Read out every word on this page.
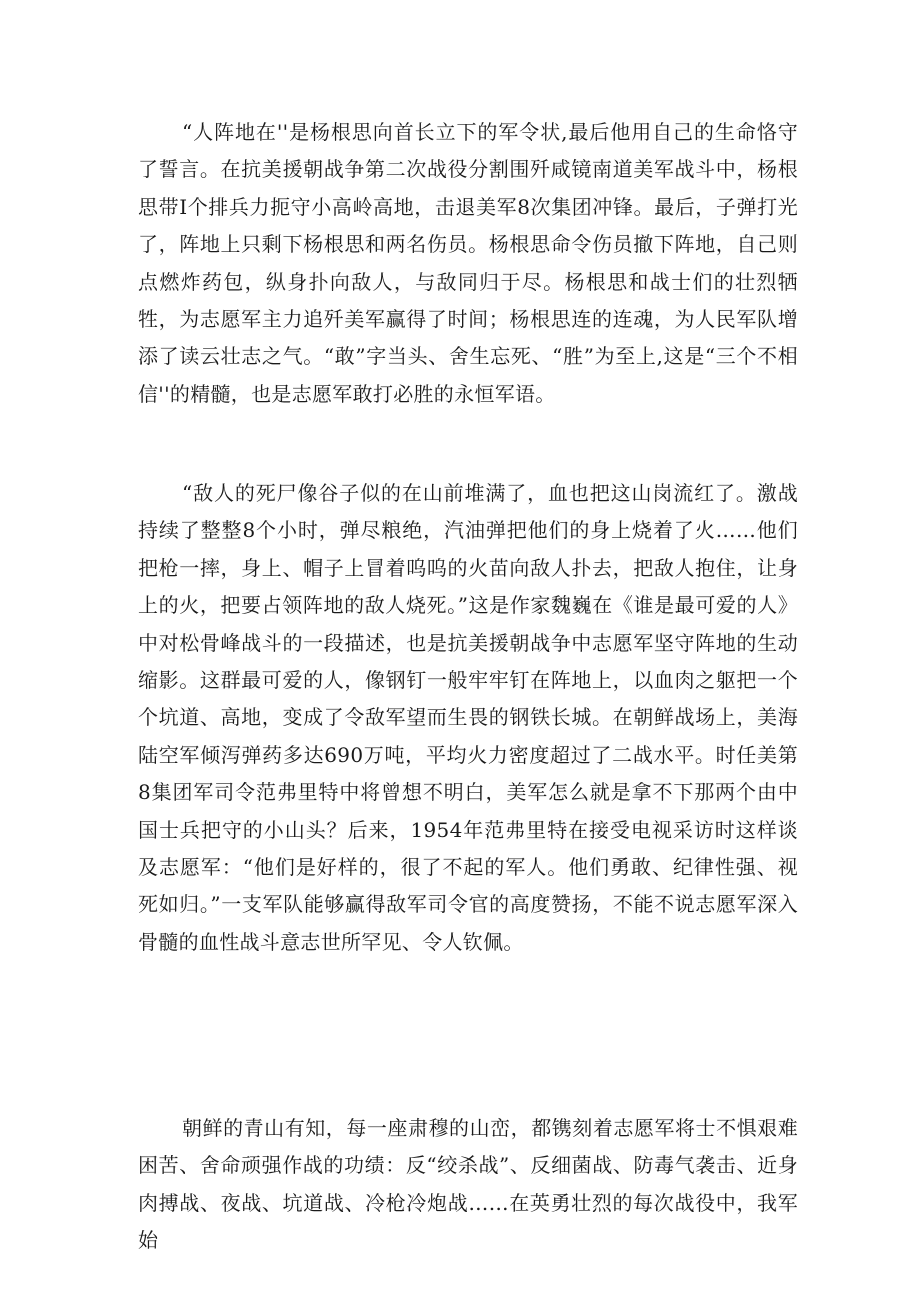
“人阵地在''是杨根思向首长立下的军令状,最后他用自己的生命恪守了誓言。在抗美援朝战争第二次战役分割围歼咸镜南道美军战斗中，杨根思带I个排兵力扼守小高岭高地，击退美军8次集团冲锋。最后，子弹打光了，阵地上只剩下杨根思和两名伤员。杨根思命令伤员撤下阵地，自己则点燃炸药包，纵身扑向敌人，与敌同归于尽。杨根思和战士们的壮烈牺牲，为志愿军主力追歼美军赢得了时间；杨根思连的连魂，为人民军队增添了读云壮志之气。“敢”字当头、舍生忘死、“胜”为至上,这是“三个不相信''的精髓，也是志愿军敢打必胜的永恒军语。

“敌人的死尸像谷子似的在山前堆满了，血也把这山岗流红了。激战持续了整整8个小时，弹尽粮绝，汽油弹把他们的身上烧着了火……他们把枪一摔，身上、帽子上冒着呜呜的火苗向敌人扑去，把敌人抱住，让身上的火，把要占领阵地的敌人烧死。”这是作家魏巍在《谁是最可爱的人》中对松骨峰战斗的一段描述，也是抗美援朝战争中志愿军坚守阵地的生动缩影。这群最可爱的人，像钢钉一般牢牢钉在阵地上，以血肉之躯把一个个坑道、高地，变成了令敌军望而生畏的钢铁长城。在朝鲜战场上，美海陆空军倾泻弹药多达690万吨，平均火力密度超过了二战水平。时任美第8集团军司令范弗里特中将曾想不明白，美军怎么就是拿不下那两个由中国士兵把守的小山头？后来，1954年范弗里特在接受电视采访时这样谈及志愿军：“他们是好样的，很了不起的军人。他们勇敢、纪律性强、视死如归。”一支军队能够赢得敌军司令官的高度赞扬，不能不说志愿军深入骨髓的血性战斗意志世所罕见、令人钦佩。

朝鲜的青山有知，每一座肃穆的山峦，都镌刻着志愿军将士不惧艰难困苦、舍命顽强作战的功绩：反“绞杀战”、反细菌战、防毒气袭击、近身肉搏战、夜战、坑道战、冷枪冷炮战……在英勇壮烈的每次战役中，我军始
